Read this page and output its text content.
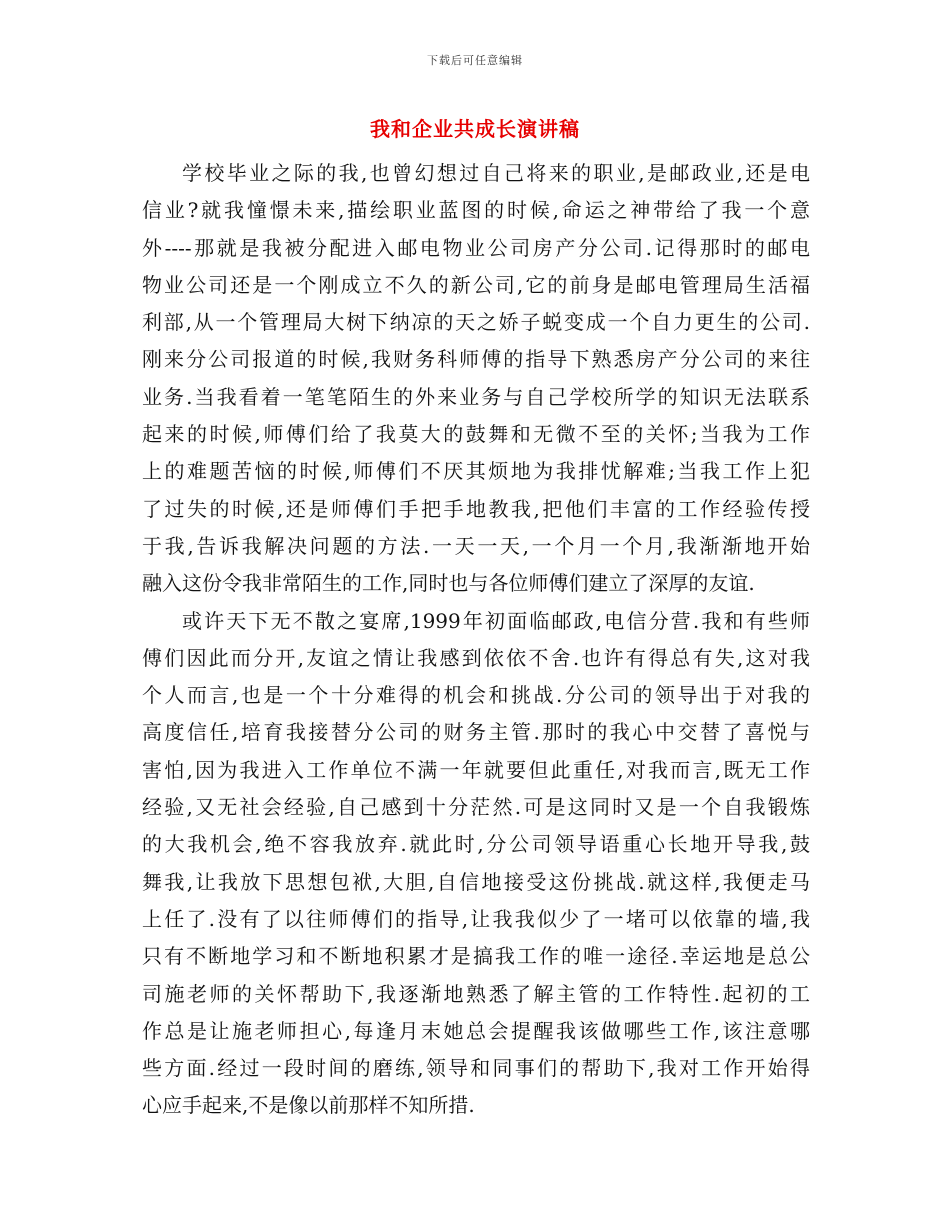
下载后可任意编辑
我和企业共成长演讲稿
学校毕业之际的我,也曾幻想过自己将来的职业,是邮政业,还是电
信业?就我憧憬未来,描绘职业蓝图的时候,命运之神带给了我一个意
外----那就是我被分配进入邮电物业公司房产分公司.记得那时的邮电
物业公司还是一个刚成立不久的新公司,它的前身是邮电管理局生活福
利部,从一个管理局大树下纳凉的天之娇子蜕变成一个自力更生的公司.
刚来分公司报道的时候,我财务科师傅的指导下熟悉房产分公司的来往
业务.当我看着一笔笔陌生的外来业务与自己学校所学的知识无法联系
起来的时候,师傅们给了我莫大的鼓舞和无微不至的关怀;当我为工作
上的难题苦恼的时候,师傅们不厌其烦地为我排忧解难;当我工作上犯
了过失的时候,还是师傅们手把手地教我,把他们丰富的工作经验传授
于我,告诉我解决问题的方法.一天一天,一个月一个月,我渐渐地开始
融入这份令我非常陌生的工作,同时也与各位师傅们建立了深厚的友谊.
或许天下无不散之宴席,1999年初面临邮政,电信分营.我和有些师
傅们因此而分开,友谊之情让我感到依依不舍.也许有得总有失,这对我
个人而言,也是一个十分难得的机会和挑战.分公司的领导出于对我的
高度信任,培育我接替分公司的财务主管.那时的我心中交替了喜悦与
害怕,因为我进入工作单位不满一年就要但此重任,对我而言,既无工作
经验,又无社会经验,自己感到十分茫然.可是这同时又是一个自我锻炼
的大我机会,绝不容我放弃.就此时,分公司领导语重心长地开导我,鼓
舞我,让我放下思想包袱,大胆,自信地接受这份挑战.就这样,我便走马
上任了.没有了以往师傅们的指导,让我我似少了一堵可以依靠的墙,我
只有不断地学习和不断地积累才是搞我工作的唯一途径.幸运地是总公
司施老师的关怀帮助下,我逐渐地熟悉了解主管的工作特性.起初的工
作总是让施老师担心,每逢月末她总会提醒我该做哪些工作,该注意哪
些方面.经过一段时间的磨练,领导和同事们的帮助下,我对工作开始得
心应手起来,不是像以前那样不知所措.
